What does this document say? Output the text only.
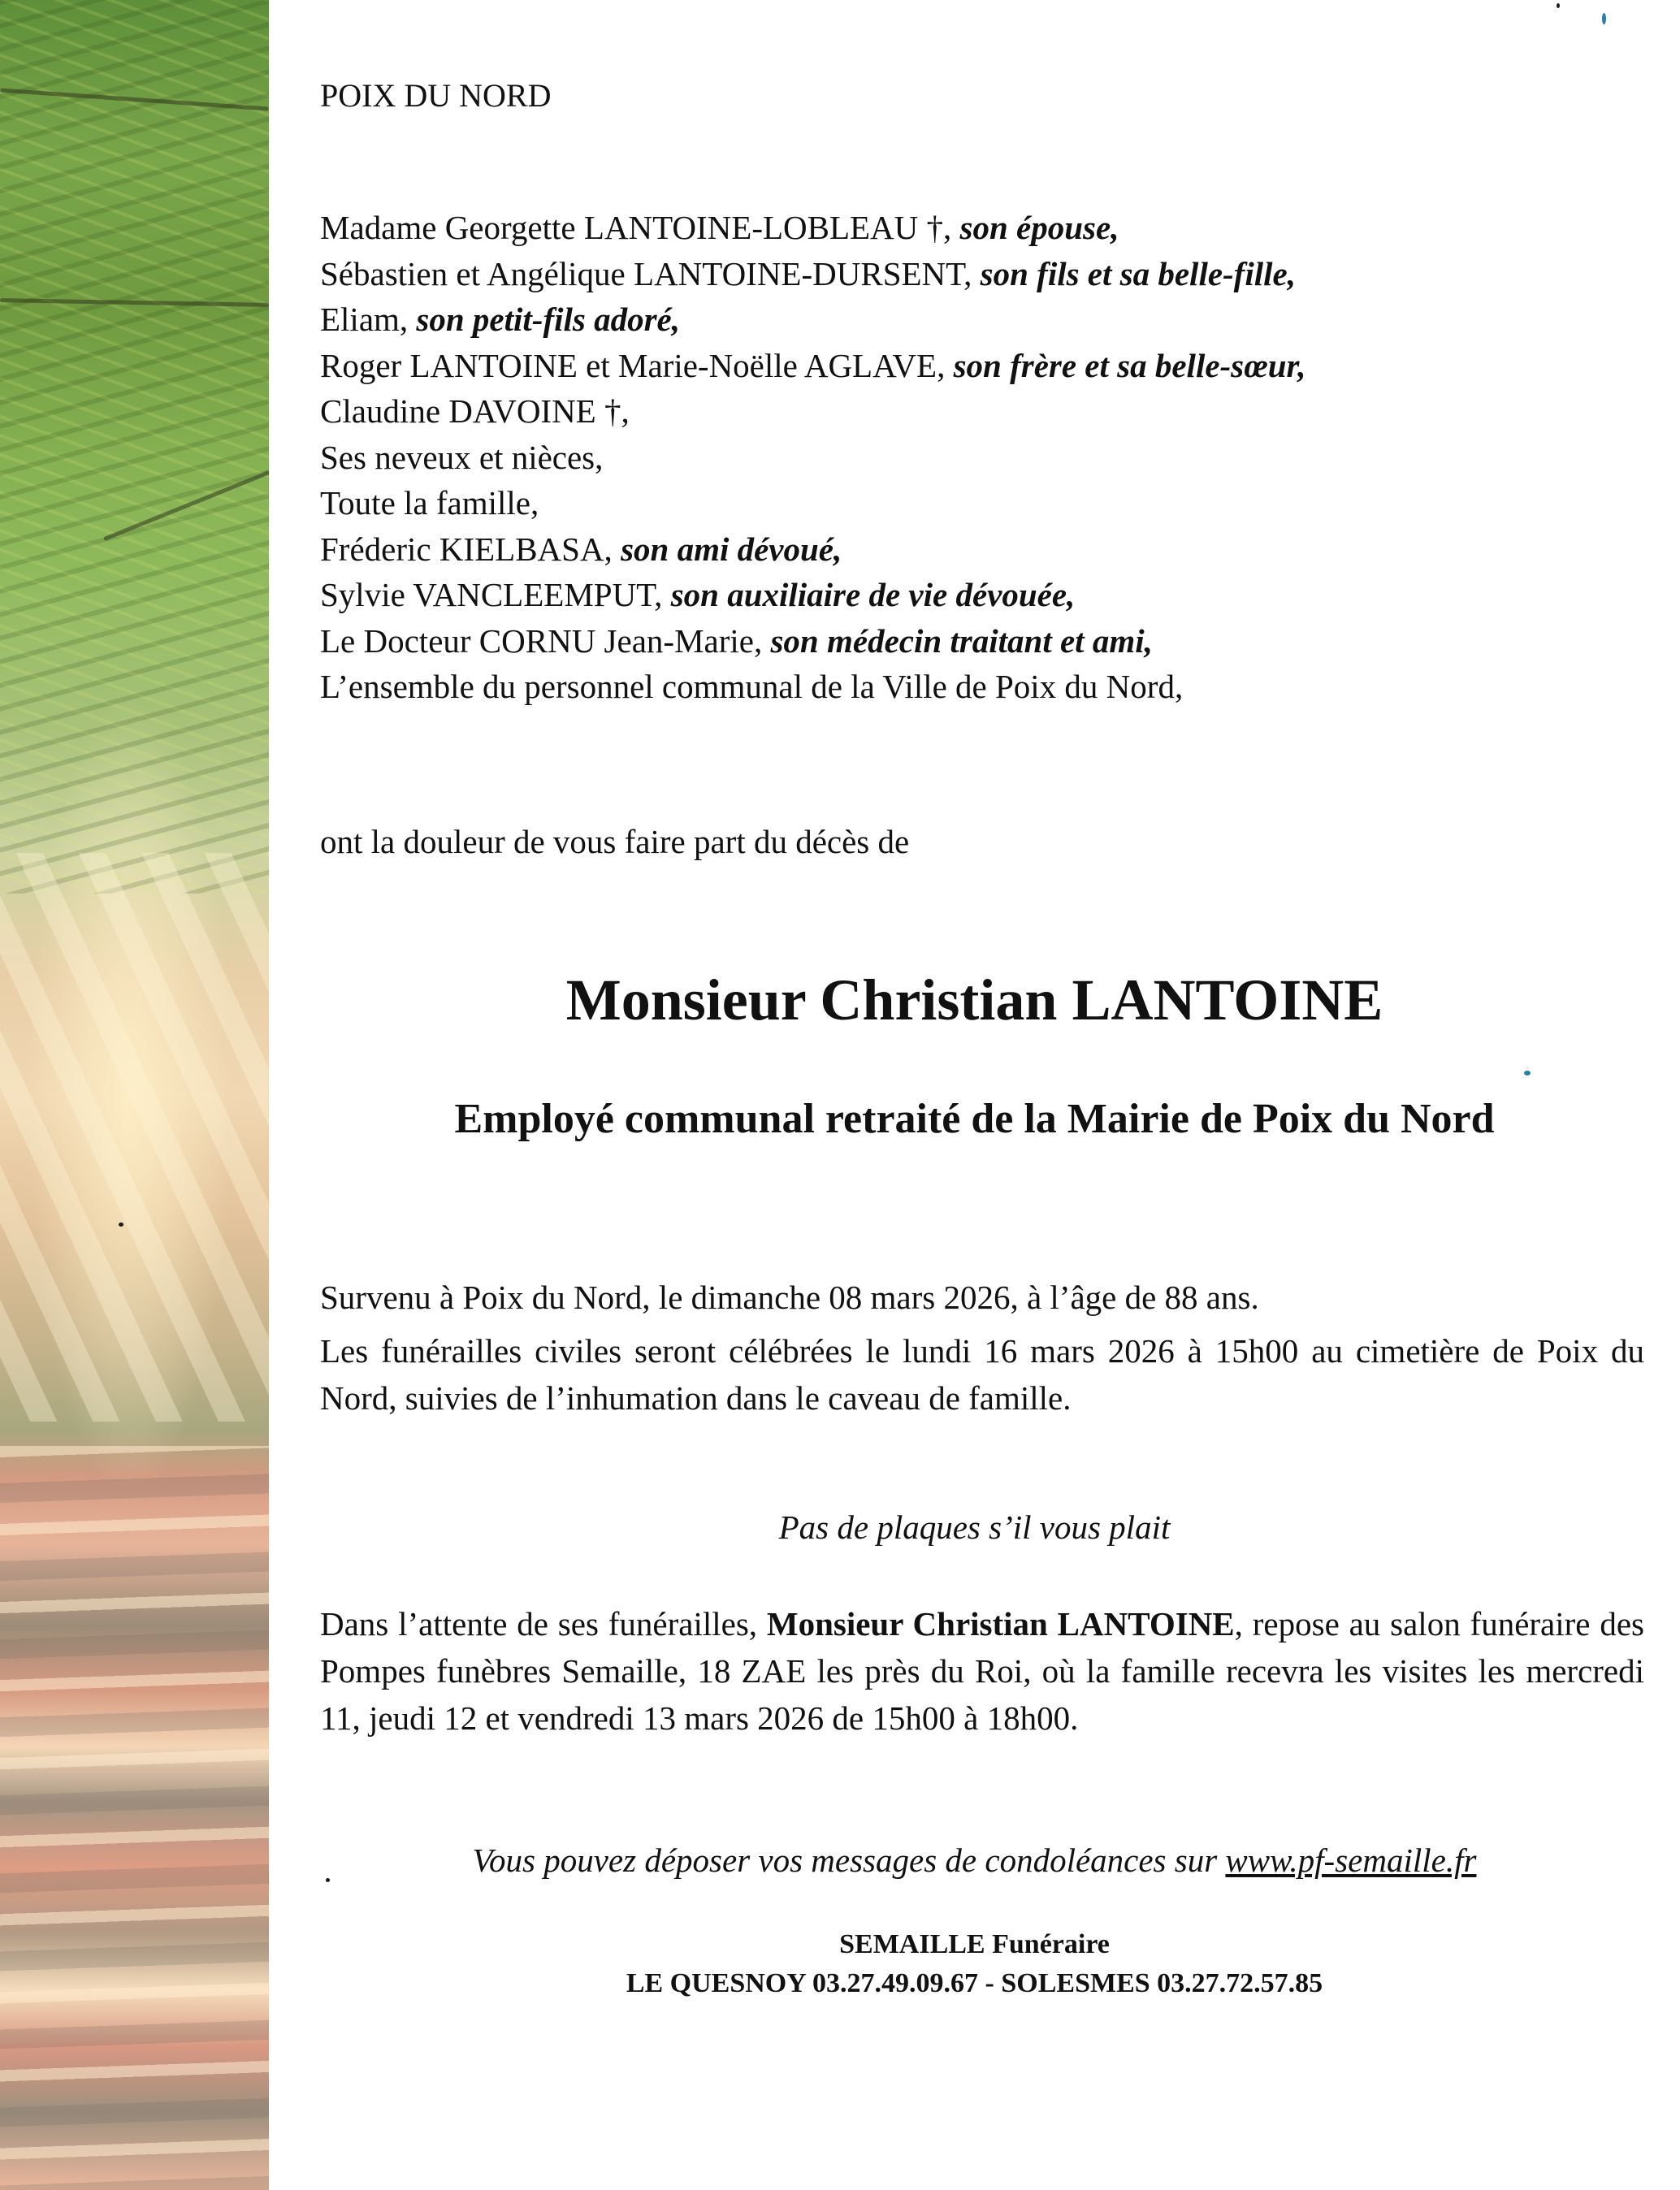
POIX DU NORD
Madame Georgette LANTOINE-LOBLEAU †, son épouse,
Sébastien et Angélique LANTOINE-DURSENT, son fils et sa belle-fille,
Eliam, son petit-fils adoré,
Roger LANTOINE et Marie-Noëlle AGLAVE, son frère et sa belle-sœur,
Claudine DAVOINE †,
Ses neveux et nièces,
Toute la famille,
Fréderic KIELBASA, son ami dévoué,
Sylvie VANCLEEMPUT, son auxiliaire de vie dévouée,
Le Docteur CORNU Jean-Marie, son médecin traitant et ami,
L’ensemble du personnel communal de la Ville de Poix du Nord,
ont la douleur de vous faire part du décès de
Monsieur Christian LANTOINE
Employé communal retraité de la Mairie de Poix du Nord
Survenu à Poix du Nord, le dimanche 08 mars 2026, à l’âge de 88 ans.
Les funérailles civiles seront célébrées le lundi 16 mars 2026 à 15h00 au cimetière de Poix du Nord, suivies de l’inhumation dans le caveau de famille.
Pas de plaques s’il vous plait
Dans l’attente de ses funérailles, Monsieur Christian LANTOINE, repose au salon funéraire des Pompes funèbres Semaille, 18 ZAE les près du Roi, où la famille recevra les visites les mercredi 11, jeudi 12 et vendredi 13 mars 2026 de 15h00 à 18h00.
Vous pouvez déposer vos messages de condoléances sur www.pf-semaille.fr
SEMAILLE Funéraire
LE QUESNOY 03.27.49.09.67 - SOLESMES 03.27.72.57.85
